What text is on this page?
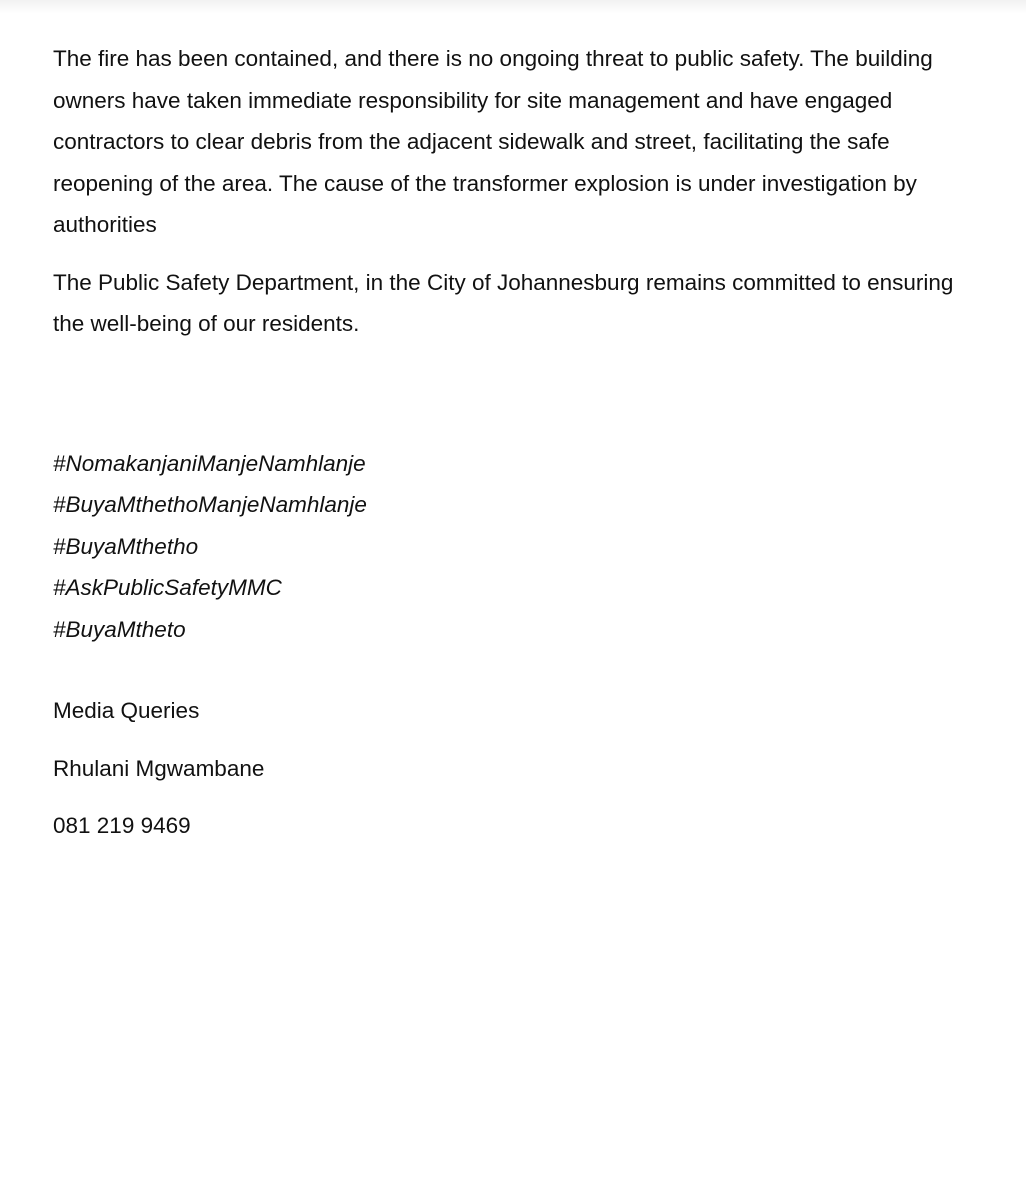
The fire has been contained, and there is no ongoing threat to public safety. The building owners have taken immediate responsibility for site management and have engaged contractors to clear debris from the adjacent sidewalk and street, facilitating the safe reopening of the area. The cause of the transformer explosion is under investigation by authorities

The Public Safety Department, in the City of Johannesburg remains committed to ensuring the well-being of our residents.

#NomakanjaniManjeNamhlanje
#BuyaMthethoManjeNamhlanje
#BuyaMthetho
#AskPublicSafetyMMC
#BuyaMtheto
Media Queries
Rhulani Mgwambane
081 219 9469
